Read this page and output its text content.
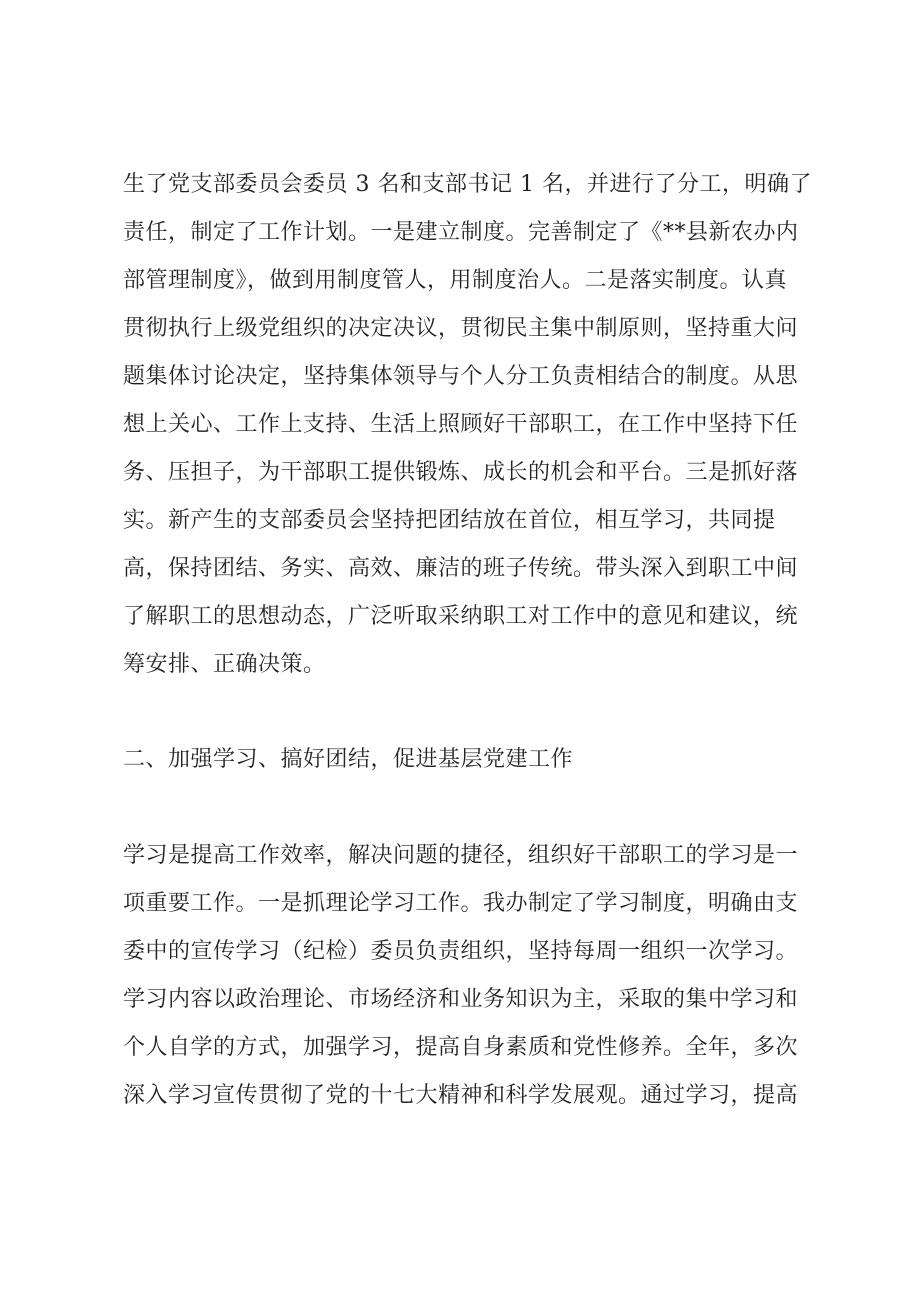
生了党支部委员会委员 3 名和支部书记 1 名，并进行了分工，明确了
责任，制定了工作计划。一是建立制度。完善制定了《**县新农办内
部管理制度》，做到用制度管人，用制度治人。二是落实制度。认真
贯彻执行上级党组织的决定决议，贯彻民主集中制原则，坚持重大问
题集体讨论决定，坚持集体领导与个人分工负责相结合的制度。从思
想上关心、工作上支持、生活上照顾好干部职工，在工作中坚持下任
务、压担子，为干部职工提供锻炼、成长的机会和平台。三是抓好落
实。新产生的支部委员会坚持把团结放在首位，相互学习，共同提
高，保持团结、务实、高效、廉洁的班子传统。带头深入到职工中间
了解职工的思想动态，广泛听取采纳职工对工作中的意见和建议，统
筹安排、正确决策。
二、加强学习、搞好团结，促进基层党建工作
学习是提高工作效率，解决问题的捷径，组织好干部职工的学习是一
项重要工作。一是抓理论学习工作。我办制定了学习制度，明确由支
委中的宣传学习（纪检）委员负责组织，坚持每周一组织一次学习。
学习内容以政治理论、市场经济和业务知识为主，采取的集中学习和
个人自学的方式，加强学习，提高自身素质和党性修养。全年，多次
深入学习宣传贯彻了党的十七大精神和科学发展观。通过学习，提高
